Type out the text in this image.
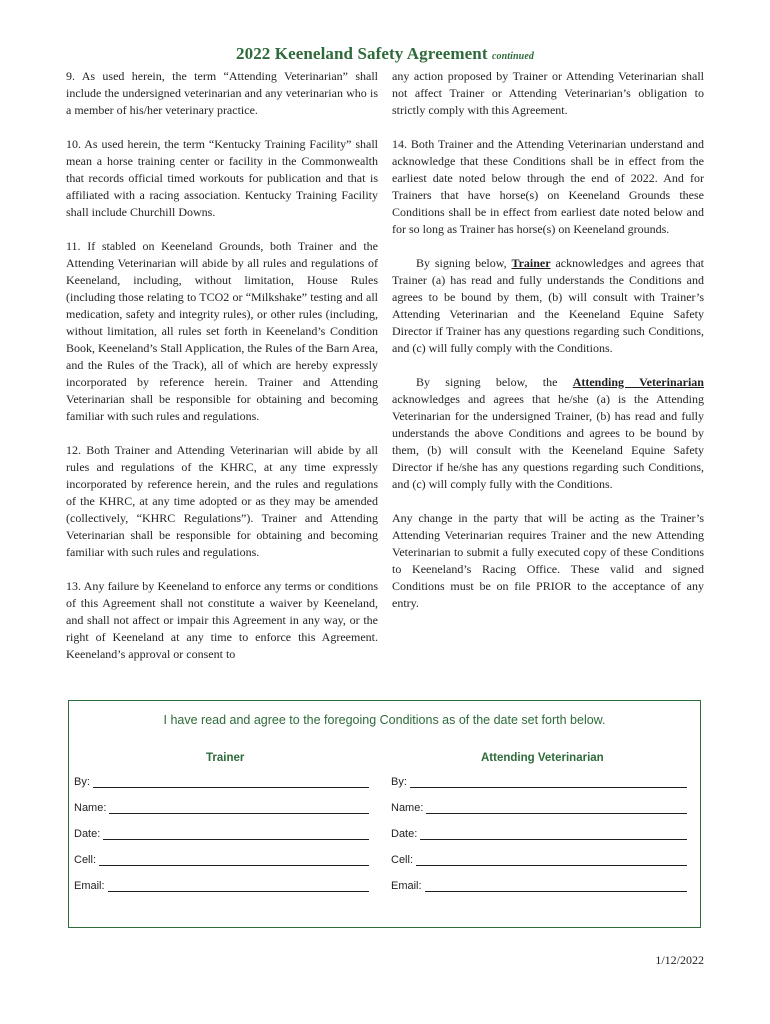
2022 Keeneland Safety Agreement continued

9. As used herein, the term “Attending Veterinarian” shall include the undersigned veterinarian and any veterinarian who is a member of his/her veterinary practice.

10. As used herein, the term “Kentucky Training Facility” shall mean a horse training center or facility in the Commonwealth that records official timed workouts for publication and that is affiliated with a racing association. Kentucky Training Facility shall include Churchill Downs.

11. If stabled on Keeneland Grounds, both Trainer and the Attending Veterinarian will abide by all rules and regulations of Keeneland, including, without limitation, House Rules (including those relating to TCO2 or “Milkshake” testing and all medication, safety and integrity rules), or other rules (including, without limitation, all rules set forth in Keeneland’s Condition Book, Keeneland’s Stall Application, the Rules of the Barn Area, and the Rules of the Track), all of which are hereby expressly incorporated by reference herein. Trainer and Attending Veterinarian shall be responsible for obtaining and becoming familiar with such rules and regulations.

12. Both Trainer and Attending Veterinarian will abide by all rules and regulations of the KHRC, at any time expressly incorporated by reference herein, and the rules and regulations of the KHRC, at any time adopted or as they may be amended (collectively, “KHRC Regulations”). Trainer and Attending Veterinarian shall be responsible for obtaining and becoming familiar with such rules and regulations.

13. Any failure by Keeneland to enforce any terms or conditions of this Agreement shall not constitute a waiver by Keeneland, and shall not affect or impair this Agreement in any way, or the right of Keeneland at any time to enforce this Agreement. Keeneland’s approval or consent to

any action proposed by Trainer or Attending Veterinarian shall not affect Trainer or Attending Veterinarian’s obligation to strictly comply with this Agreement.

14. Both Trainer and the Attending Veterinarian understand and acknowledge that these Conditions shall be in effect from the earliest date noted below through the end of 2022. And for Trainers that have horse(s) on Keeneland Grounds these Conditions shall be in effect from earliest date noted below and for so long as Trainer has horse(s) on Keeneland grounds.

By signing below, Trainer acknowledges and agrees that Trainer (a) has read and fully understands the Conditions and agrees to be bound by them, (b) will consult with Trainer’s Attending Veterinarian and the Keeneland Equine Safety Director if Trainer has any questions regarding such Conditions, and (c) will fully comply with the Conditions.

By signing below, the Attending Veterinarian acknowledges and agrees that he/she (a) is the Attending Veterinarian for the undersigned Trainer, (b) has read and fully understands the above Conditions and agrees to be bound by them, (b) will consult with the Keeneland Equine Safety Director if he/she has any questions regarding such Conditions, and (c) will comply fully with the Conditions.

Any change in the party that will be acting as the Trainer’s Attending Veterinarian requires Trainer and the new Attending Veterinarian to submit a fully executed copy of these Conditions to Keeneland’s Racing Office. These valid and signed Conditions must be on file PRIOR to the acceptance of any entry.

I have read and agree to the foregoing Conditions as of the date set forth below.
Trainer	Attending Veterinarian
By:
Name:
Date:
Cell:
Email:
By:
Name:
Date:
Cell:
Email:
1/12/2022
